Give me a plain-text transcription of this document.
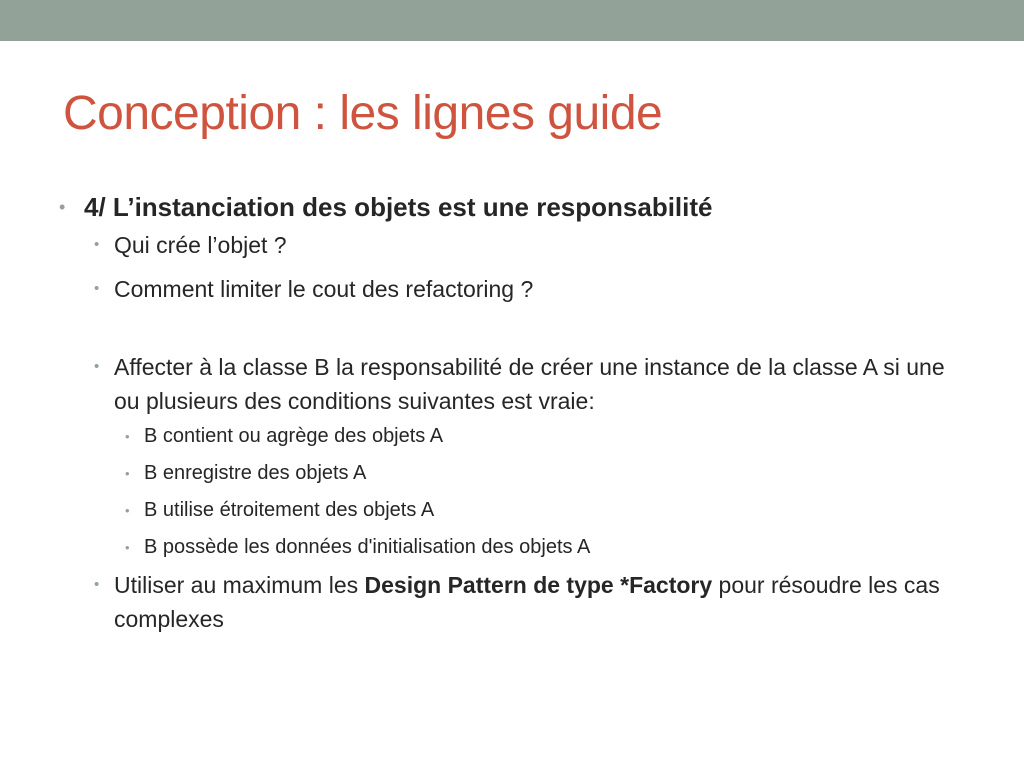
Conception : les lignes guide
• 4/ L’instanciation des objets est une responsabilité
• Qui crée l’objet ?
• Comment limiter le cout des refactoring ?
• Affecter à la classe B la responsabilité de créer une instance de la classe A si une ou plusieurs des conditions suivantes est vraie:
• B contient ou agrège des objets A
• B enregistre des objets A
• B utilise étroitement des objets A
• B possède les données d'initialisation des objets A
• Utiliser au maximum les Design Pattern de type *Factory pour résoudre les cas complexes
